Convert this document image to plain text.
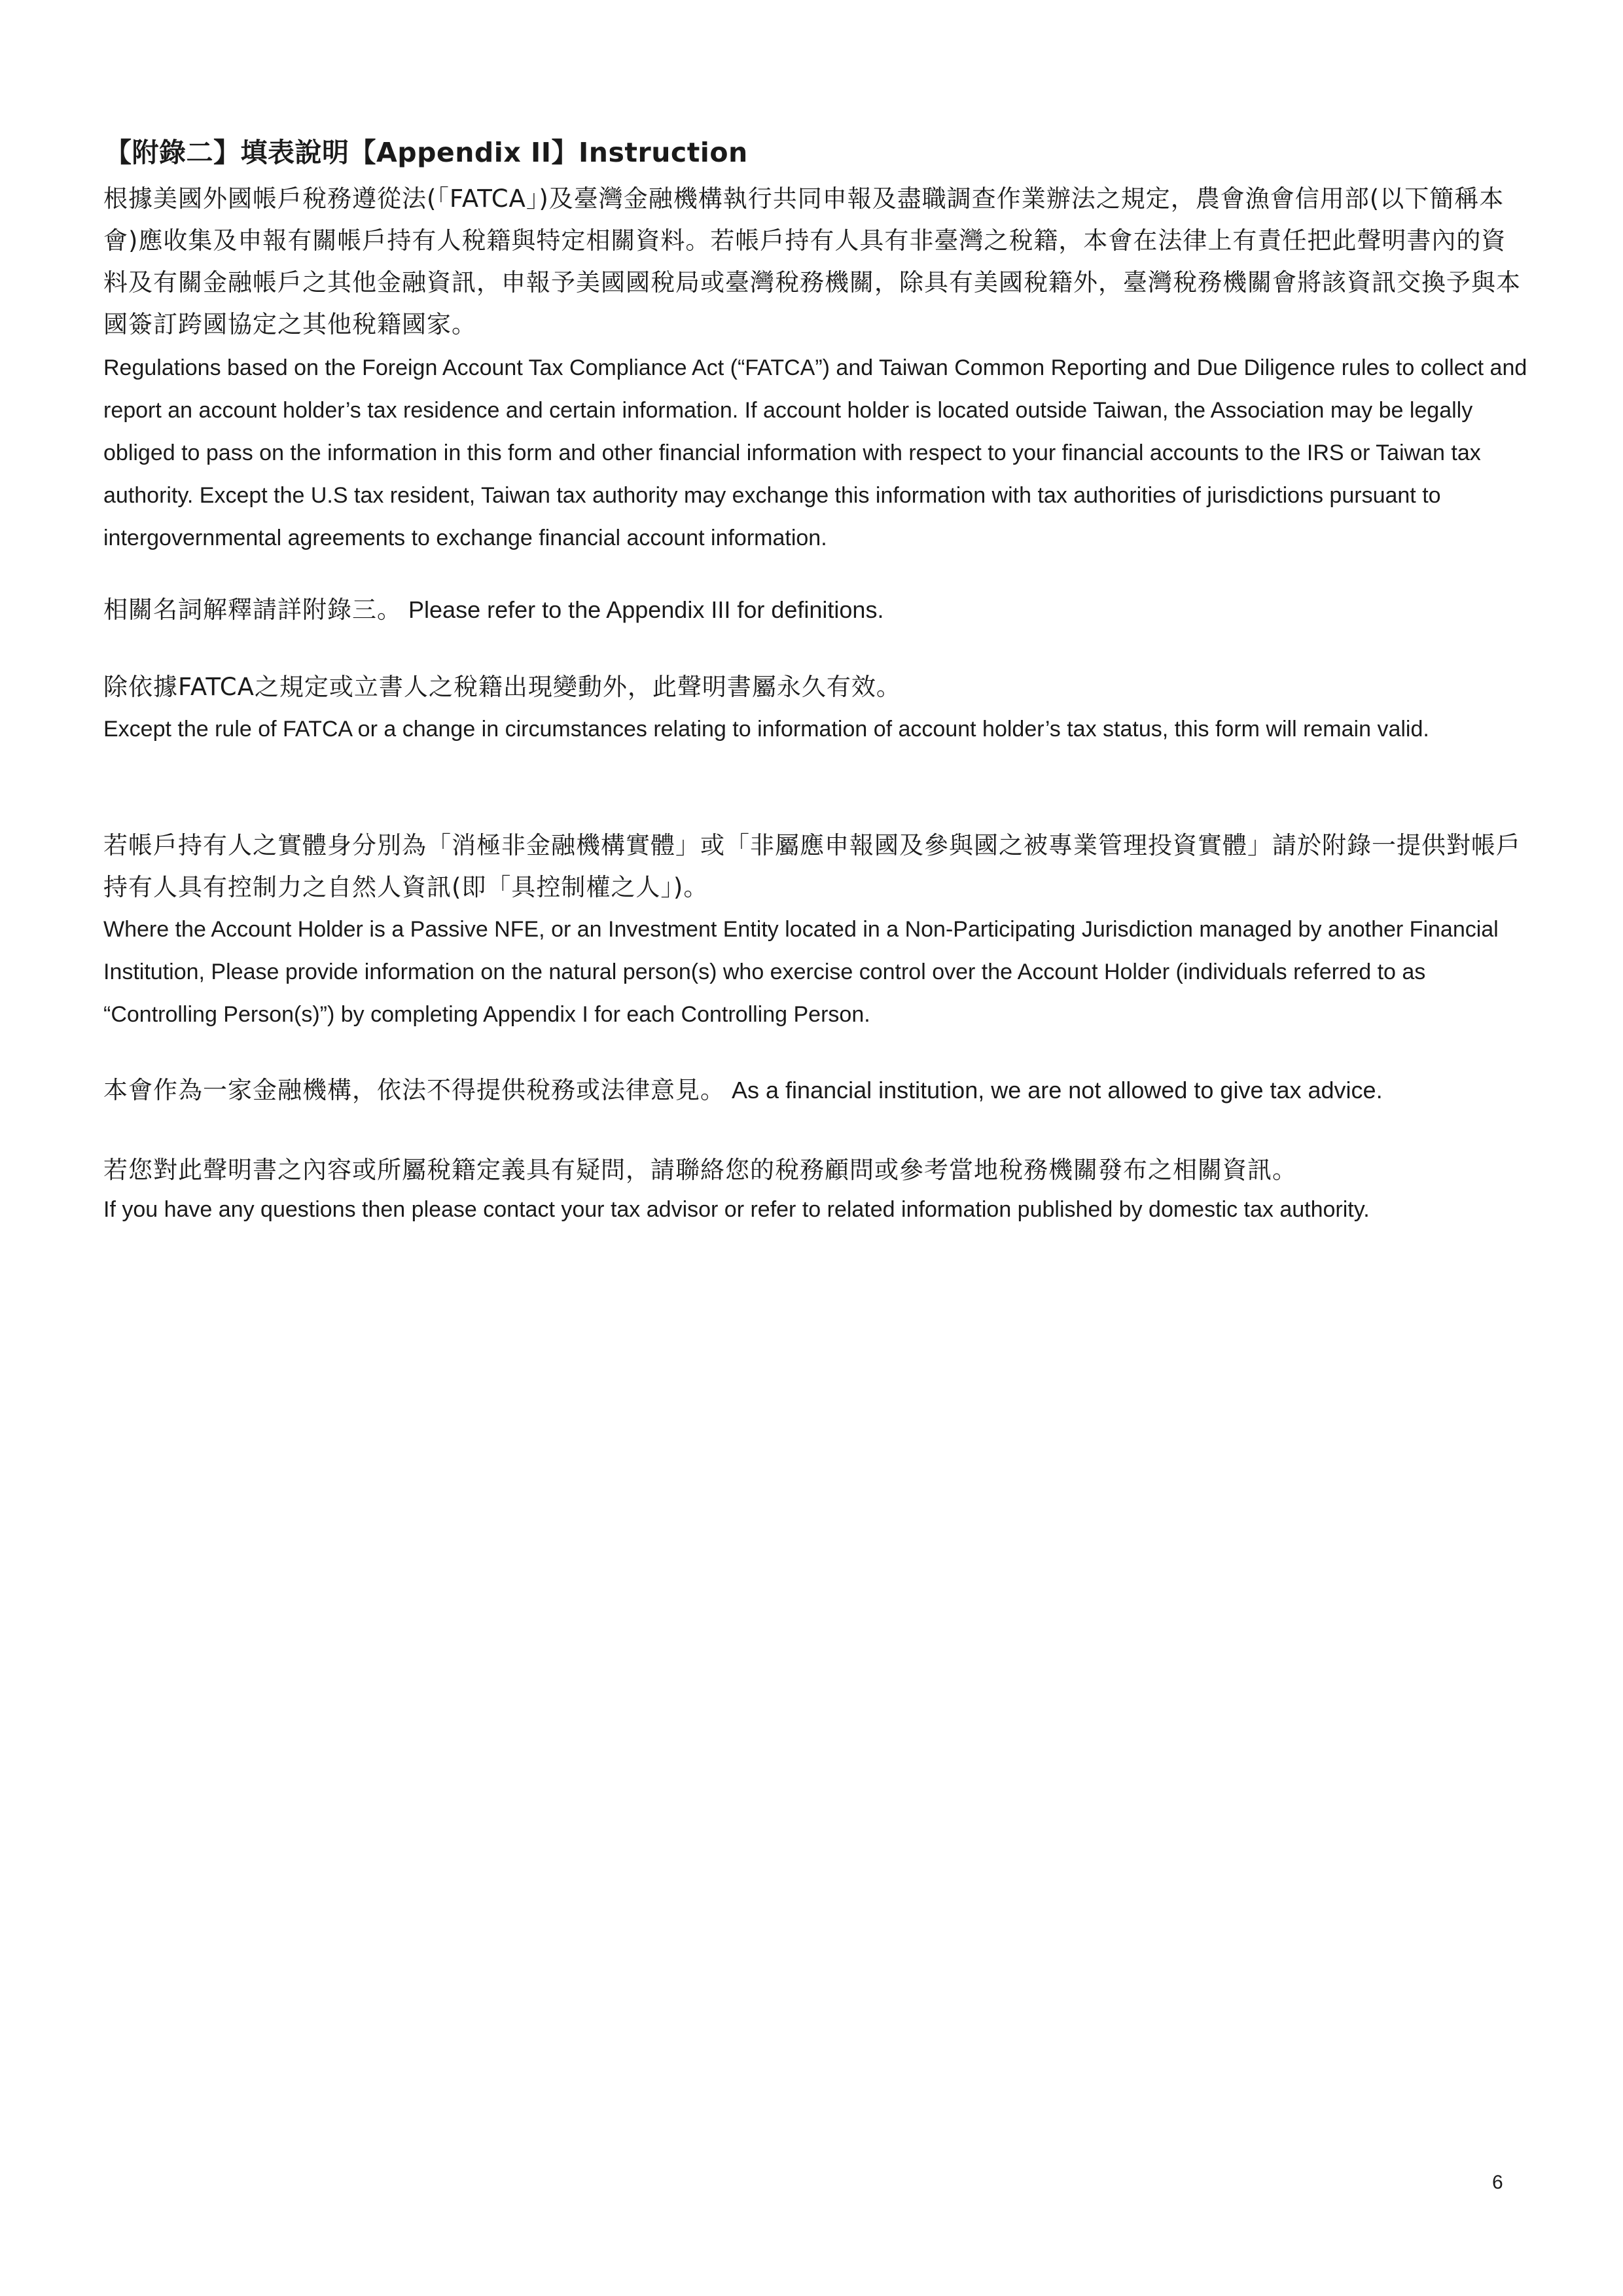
【附錄二】填表說明【Appendix II】Instruction

根據美國外國帳戶稅務遵從法(「FATCA」)及臺灣金融機構執行共同申報及盡職調查作業辦法之規定，農會漁會信用部(以下簡稱本會)應收集及申報有關帳戶持有人稅籍與特定相關資料。若帳戶持有人具有非臺灣之稅籍，本會在法律上有責任把此聲明書內的資料及有關金融帳戶之其他金融資訊，申報予美國國稅局或臺灣稅務機關，除具有美國稅籍外，臺灣稅務機關會將該資訊交換予與本國簽訂跨國協定之其他稅籍國家。

Regulations based on the Foreign Account Tax Compliance Act (“FATCA”) and Taiwan Common Reporting and Due Diligence rules to collect and report an account holder’s tax residence and certain information. If account holder is located outside Taiwan, the Association may be legally obliged to pass on the information in this form and other financial information with respect to your financial accounts to the IRS or Taiwan tax authority. Except the U.S tax resident, Taiwan tax authority may exchange this information with tax authorities of jurisdictions pursuant to intergovernmental agreements to exchange financial account information.

相關名詞解釋請詳附錄三。 Please refer to the Appendix III for definitions.

除依據FATCA之規定或立書人之稅籍出現變動外，此聲明書屬永久有效。

Except the rule of FATCA or a change in circumstances relating to information of account holder’s tax status, this form will remain valid.

若帳戶持有人之實體身分別為「消極非金融機構實體」或「非屬應申報國及參與國之被專業管理投資實體」請於附錄一提供對帳戶持有人具有控制力之自然人資訊(即「具控制權之人」)。

Where the Account Holder is a Passive NFE, or an Investment Entity located in a Non-Participating Jurisdiction managed by another Financial Institution, Please provide information on the natural person(s) who exercise control over the Account Holder (individuals referred to as “Controlling Person(s)”) by completing Appendix I for each Controlling Person.

本會作為一家金融機構，依法不得提供稅務或法律意見。 As a financial institution, we are not allowed to give tax advice.

若您對此聲明書之內容或所屬稅籍定義具有疑問，請聯絡您的稅務顧問或參考當地稅務機關發布之相關資訊。

If you have any questions then please contact your tax advisor or refer to related information published by domestic tax authority.

6
